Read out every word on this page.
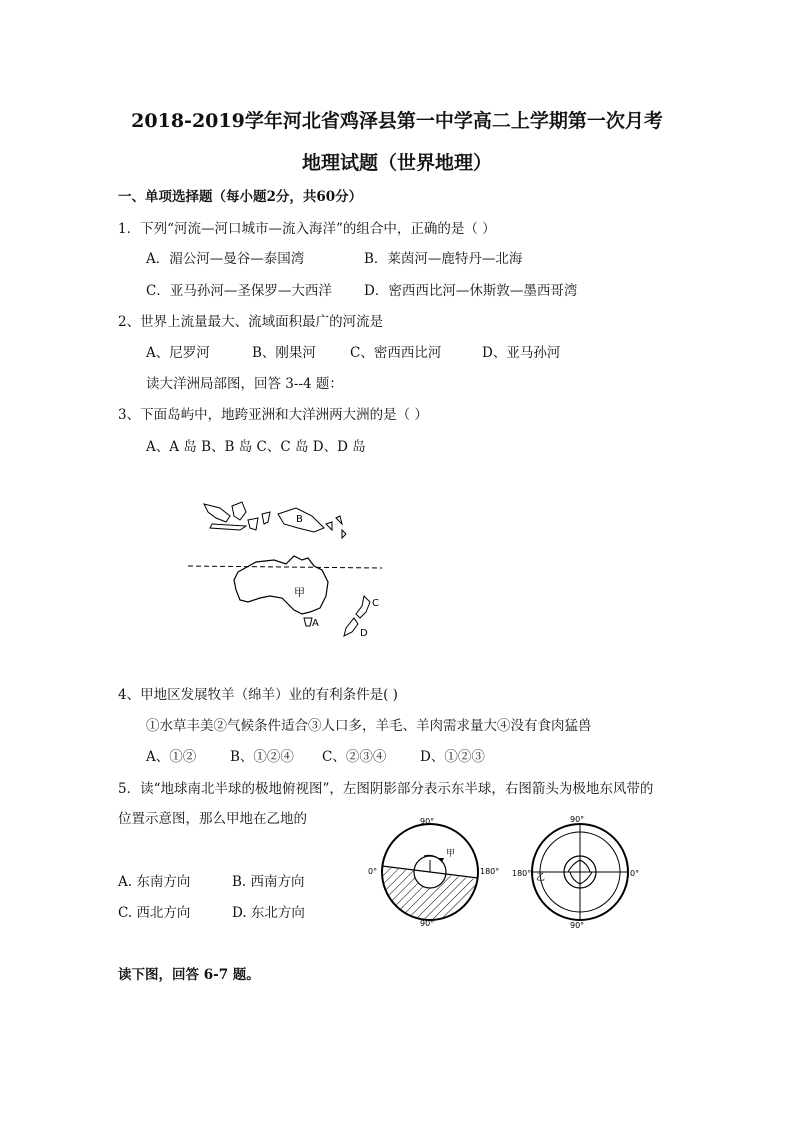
2018-2019学年河北省鸡泽县第一中学高二上学期第一次月考
地理试题（世界地理）
一、单项选择题（每小题2分，共60分）
1．下列“河流—河口城市—流入海洋”的组合中，正确的是（ ）
A．湄公河—曼谷—泰国湾	B．莱茵河—鹿特丹—北海
C．亚马孙河—圣保罗—大西洋 D．密西西比河—休斯敦—墨西哥湾
2、世界上流量最大、流域面积最广的河流是
A、尼罗河	B、刚果河	C、密西西比河	D、亚马孙河
读大洋洲局部图，回答 3--4 题：
3、下面岛屿中，地跨亚洲和大洋洲两大洲的是（ ）
A、A 岛 B、B 岛 C、C 岛 D、D 岛
B
甲
A
C
D
4、甲地区发展牧羊（绵羊）业的有利条件是( )
①水草丰美②气候条件适合③人口多，羊毛、羊肉需求量大④没有食肉猛兽
A、①②	B、①②④ C、②③④ D、①②③
5．读“地球南北半球的极地俯视图”，左图阴影部分表示东半球，右图箭头为极地东风带的
位置示意图，那么甲地在乙地的
A. 东南方向	B. 西南方向
C. 西北方向	D. 东北方向
90°
90°
0°	180°
甲
90°
90°
180°	0°
乙
读下图，回答 6-7 题。
